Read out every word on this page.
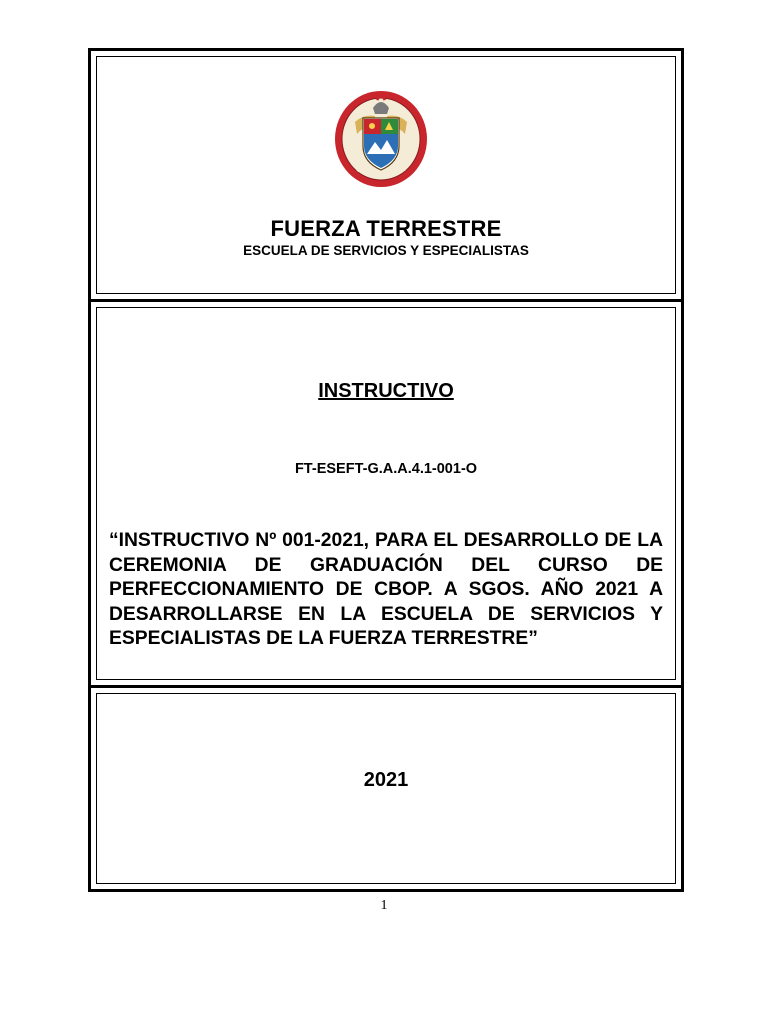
FUERZA TERRESTRE
ESCUELA DE SERVICIOS Y ESPECIALISTAS
INSTRUCTIVO
FT-ESEFT-G.A.A.4.1-001-O
“INSTRUCTIVO Nº 001-2021, PARA EL DESARROLLO DE LA CEREMONIA DE GRADUACIÓN DEL CURSO DE PERFECCIONAMIENTO DE CBOP. A SGOS. AÑO 2021 A DESARROLLARSE EN LA ESCUELA DE SERVICIOS Y ESPECIALISTAS DE LA FUERZA TERRESTRE”
2021
1
